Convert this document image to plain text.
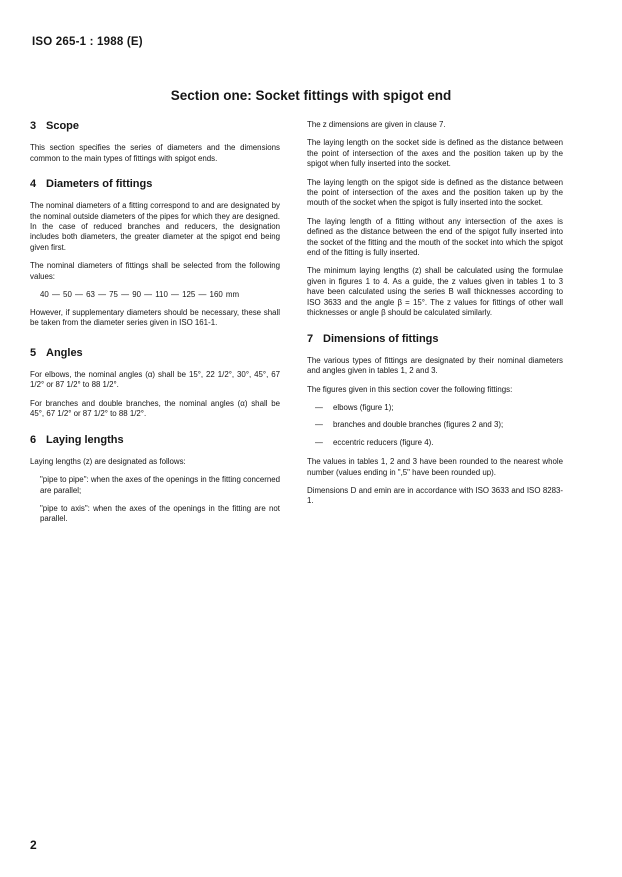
ISO 265-1 : 1988 (E)
Section one: Socket fittings with spigot end
3 Scope

This section specifies the series of diameters and the dimensions common to the main types of fittings with spigot ends.

4 Diameters of fittings

The nominal diameters of a fitting correspond to and are designated by the nominal outside diameters of the pipes for which they are designed. In the case of reduced branches and reducers, the designation includes both diameters, the greater diameter at the spigot end being given first.

The nominal diameters of fittings shall be selected from the following values:

40 — 50 — 63 — 75 — 90 — 110 — 125 — 160 mm

However, if supplementary diameters should be necessary, these shall be taken from the diameter series given in ISO 161-1.

5 Angles

For elbows, the nominal angles (α) shall be 15°, 22 1/2°, 30°, 45°, 67 1/2° or 87 1/2° to 88 1/2°.

For branches and double branches, the nominal angles (α) shall be 45°, 67 1/2° or 87 1/2° to 88 1/2°.

6 Laying lengths

Laying lengths (z) are designated as follows:

"pipe to pipe": when the axes of the openings in the fitting concerned are parallel;

"pipe to axis": when the axes of the openings in the fitting are not parallel.

The z dimensions are given in clause 7.

The laying length on the socket side is defined as the distance between the point of intersection of the axes and the position taken up by the spigot when fully inserted into the socket.

The laying length on the spigot side is defined as the distance between the point of intersection of the axes and the position taken up by the mouth of the socket when the spigot is fully inserted into the socket.

The laying length of a fitting without any intersection of the axes is defined as the distance between the end of the spigot fully inserted into the socket of the fitting and the mouth of the socket into which the spigot end of the fitting is fully inserted.

The minimum laying lengths (z) shall be calculated using the formulae given in figures 1 to 4. As a guide, the z values given in tables 1 to 3 have been calculated using the series B wall thicknesses according to ISO 3633 and the angle β = 15°. The z values for fittings of other wall thicknesses or angle β should be calculated similarly.

7 Dimensions of fittings

The various types of fittings are designated by their nominal diameters and angles given in tables 1, 2 and 3.

The figures given in this section cover the following fittings:

—	elbows (figure 1);
—	branches and double branches (figures 2 and 3);
—	eccentric reducers (figure 4).

The values in tables 1, 2 and 3 have been rounded to the nearest whole number (values ending in ",5" have been rounded up).

Dimensions D and emin are in accordance with ISO 3633 and ISO 8283-1.

2
